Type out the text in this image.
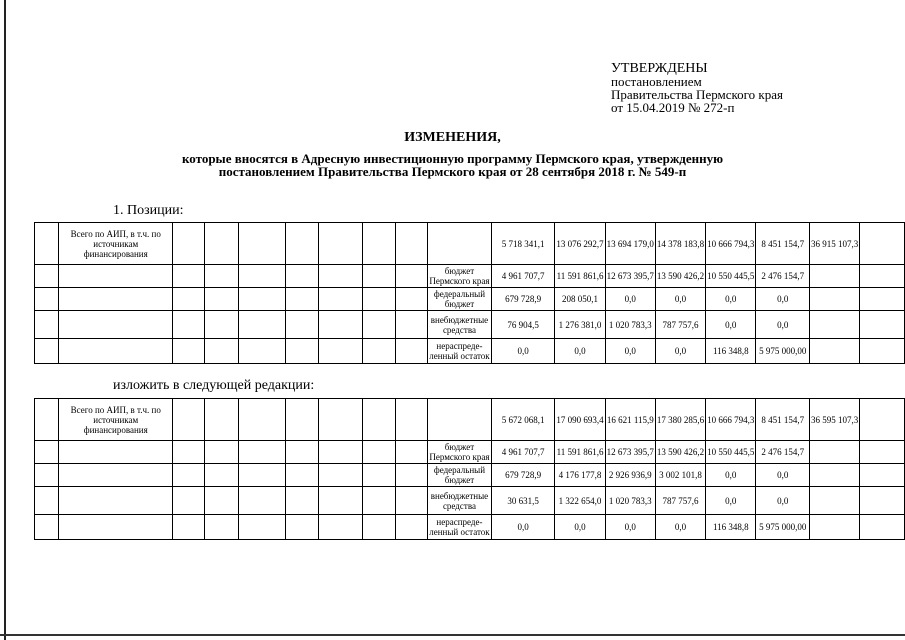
УТВЕРЖДЕНЫ
постановлением
Правительства Пермского края
от 15.04.2019 № 272-п
ИЗМЕНЕНИЯ,
которые вносятся в Адресную инвестиционную программу Пермского края, утвержденную
постановлением Правительства Пермского края от 28 сентября 2018 г. № 549-п
1. Позиции:
изложить в следующей редакции:
	Всего по АИП, в т.ч. по источникам финансирования									5 718 341,1	13 076 292,7	13 694 179,0	14 378 183,8	10 666 794,3	8 451 154,7	36 915 107,3	
									бюджет Пермского края	4 961 707,7	11 591 861,6	12 673 395,7	13 590 426,2	10 550 445,5	2 476 154,7		
									федеральный бюджет	679 728,9	208 050,1	0,0	0,0	0,0	0,0		
									внебюджетные средства	76 904,5	1 276 381,0	1 020 783,3	787 757,6	0,0	0,0		
									нераспреде-ленный остаток	0,0	0,0	0,0	0,0	116 348,8	5 975 000,00		
	Всего по АИП, в т.ч. по источникам финансирования									5 672 068,1	17 090 693,4	16 621 115,9	17 380 285,6	10 666 794,3	8 451 154,7	36 595 107,3	
									бюджет Пермского края	4 961 707,7	11 591 861,6	12 673 395,7	13 590 426,2	10 550 445,5	2 476 154,7		
									федеральный бюджет	679 728,9	4 176 177,8	2 926 936,9	3 002 101,8	0,0	0,0		
									внебюджетные средства	30 631,5	1 322 654,0	1 020 783,3	787 757,6	0,0	0,0		
									нераспреде-ленный остаток	0,0	0,0	0,0	0,0	116 348,8	5 975 000,00		
